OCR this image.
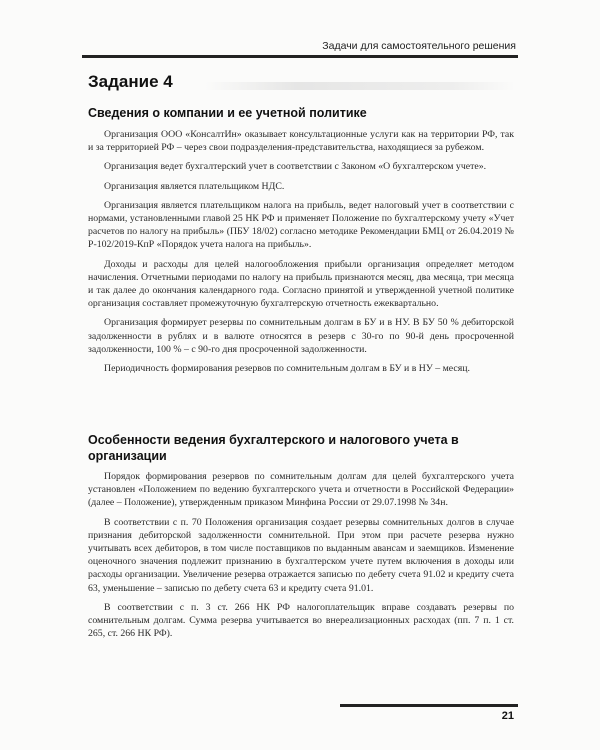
Задачи для самостоятельного решения
Задание 4
Сведения о компании и ее учетной политике

Организация ООО «КонсалтИн» оказывает консультационные услуги как на территории РФ, так и за территорией РФ – через свои подразделения-представительства, находящиеся за рубежом.

Организация ведет бухгалтерский учет в соответствии с Законом «О бухгалтерском учете».

Организация является плательщиком НДС.

Организация является плательщиком налога на прибыль, ведет налоговый учет в соответствии с нормами, установленными главой 25 НК РФ и применяет Положение по бухгалтерскому учету «Учет расчетов по налогу на прибыль» (ПБУ 18/02) согласно методике Рекомендации БМЦ от 26.04.2019 № Р-102/2019-КпР «Порядок учета налога на прибыль».

Доходы и расходы для целей налогообложения прибыли организация определяет методом начисления. Отчетными периодами по налогу на прибыль признаются месяц, два месяца, три месяца и так далее до окончания календарного года. Согласно принятой и утвержденной учетной политике организация составляет промежуточную бухгалтерскую отчетность ежеквартально.

Организация формирует резервы по сомнительным долгам в БУ и в НУ. В БУ 50 % дебиторской задолженности в рублях и в валюте относятся в резерв с 30-го по 90-й день просроченной задолженности, 100 % – с 90-го дня просроченной задолженности.

Периодичность формирования резервов по сомнительным долгам в БУ и в НУ – месяц.

Особенности ведения бухгалтерского и налогового учета в организации

Порядок формирования резервов по сомнительным долгам для целей бухгалтерского учета установлен «Положением по ведению бухгалтерского учета и отчетности в Российской Федерации» (далее – Положение), утвержденным приказом Минфина России от 29.07.1998 № 34н.

В соответствии с п. 70 Положения организация создает резервы сомнительных долгов в случае признания дебиторской задолженности сомнительной. При этом при расчете резерва нужно учитывать всех дебиторов, в том числе поставщиков по выданным авансам и заемщиков. Изменение оценочного значения подлежит признанию в бухгалтерском учете путем включения в доходы или расходы организации. Увеличение резерва отражается записью по дебету счета 91.02 и кредиту счета 63, уменьшение – записью по дебету счета 63 и кредиту счета 91.01.

В соответствии с п. 3 ст. 266 НК РФ налогоплательщик вправе создавать резервы по сомнительным долгам. Сумма резерва учитывается во внереализационных расходах (пп. 7 п. 1 ст. 265, ст. 266 НК РФ).

21
